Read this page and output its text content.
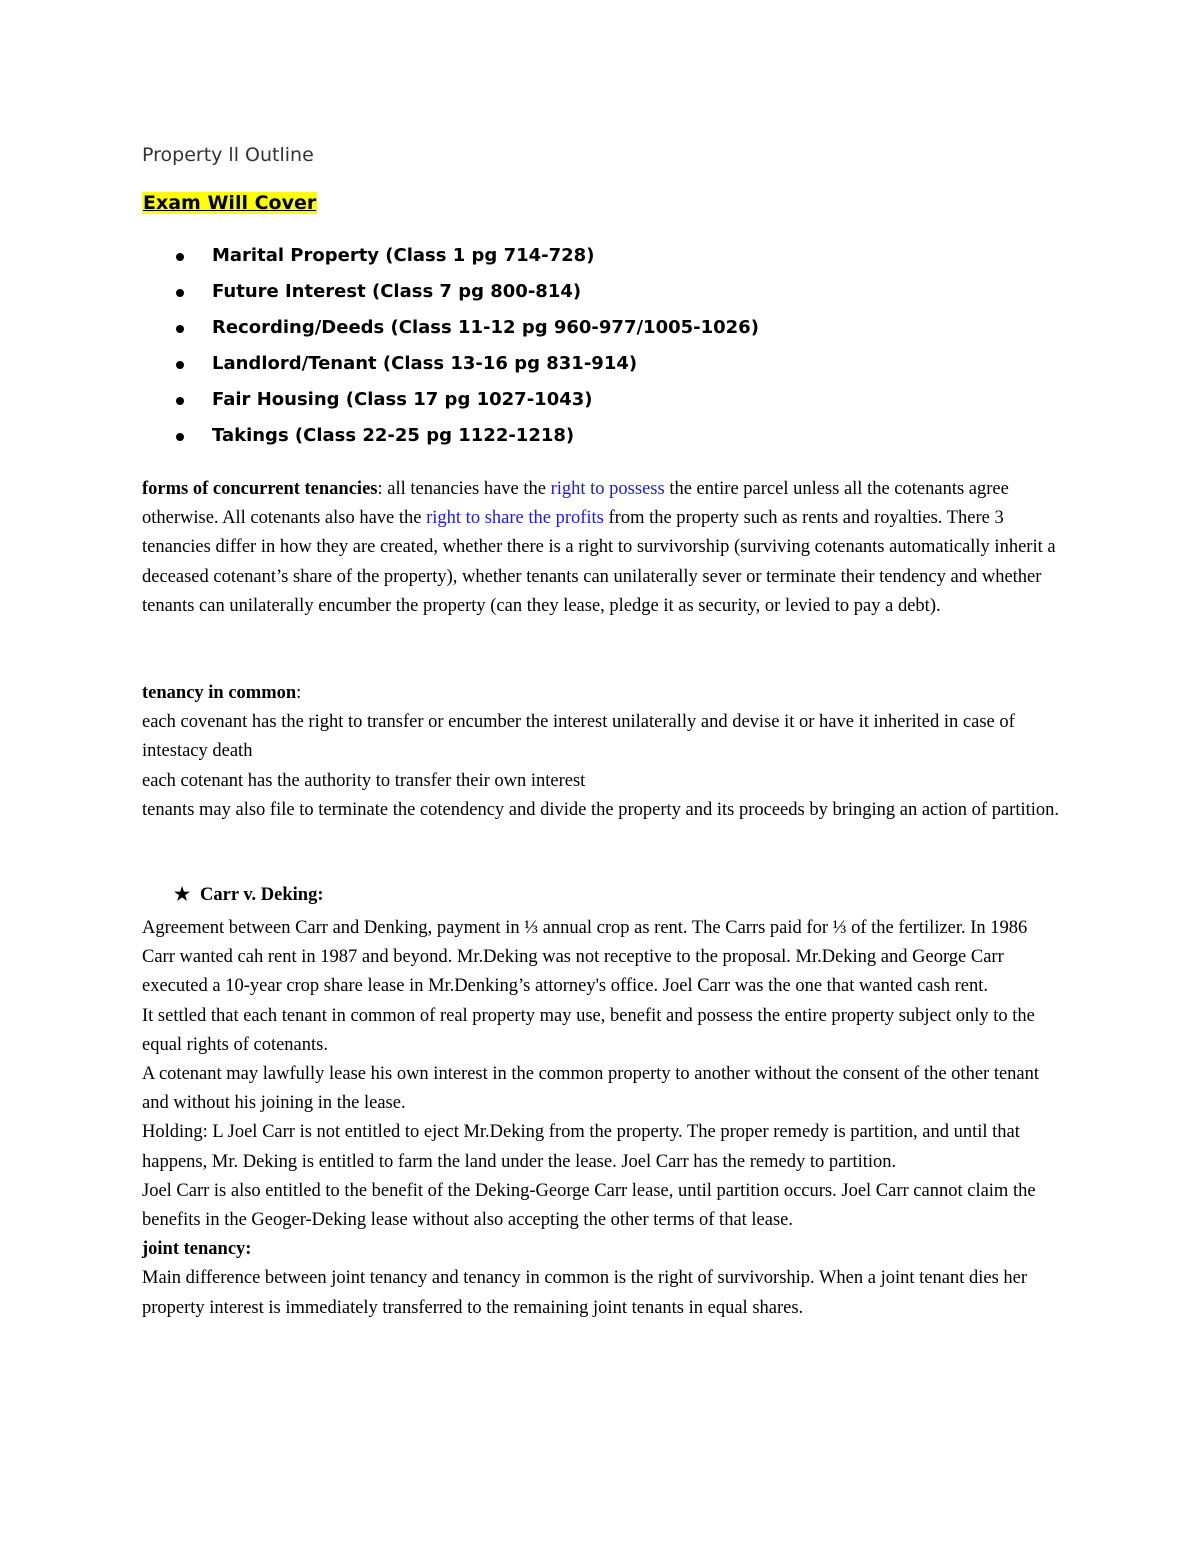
Property ll Outline
Exam Will Cover
Marital Property (Class 1 pg 714-728)
Future Interest (Class 7 pg 800-814)
Recording/Deeds (Class 11-12 pg 960-977/1005-1026)
Landlord/Tenant (Class 13-16 pg 831-914)
Fair Housing (Class 17 pg 1027-1043)
Takings (Class 22-25 pg 1122-1218)

forms of concurrent tenancies: all tenancies have the right to possess the entire parcel unless all the cotenants agree otherwise. All cotenants also have the right to share the profits from the property such as rents and royalties. There 3 tenancies differ in how they are created, whether there is a right to survivorship (surviving cotenants automatically inherit a deceased cotenant’s share of the property), whether tenants can unilaterally sever or terminate their tendency and whether tenants can unilaterally encumber the property (can they lease, pledge it as security, or levied to pay a debt).

tenancy in common:
each covenant has the right to transfer or encumber the interest unilaterally and devise it or have it inherited in case of intestacy death
each cotenant has the authority to transfer their own interest
tenants may also file to terminate the cotendency and divide the property and its proceeds by bringing an action of partition.

★ Carr v. Deking:
Agreement between Carr and Denking, payment in ⅓ annual crop as rent. The Carrs paid for ⅓ of the fertilizer. In 1986 Carr wanted cah rent in 1987 and beyond. Mr.Deking was not receptive to the proposal. Mr.Deking and George Carr executed a 10-year crop share lease in Mr.Denking’s attorney's office. Joel Carr was the one that wanted cash rent.
It settled that each tenant in common of real property may use, benefit and possess the entire property subject only to the equal rights of cotenants.
A cotenant may lawfully lease his own interest in the common property to another without the consent of the other tenant and without his joining in the lease.
Holding: L Joel Carr is not entitled to eject Mr.Deking from the property. The proper remedy is partition, and until that happens, Mr. Deking is entitled to farm the land under the lease. Joel Carr has the remedy to partition.
Joel Carr is also entitled to the benefit of the Deking-George Carr lease, until partition occurs. Joel Carr cannot claim the benefits in the Geoger-Deking lease without also accepting the other terms of that lease.
joint tenancy:
Main difference between joint tenancy and tenancy in common is the right of survivorship. When a joint tenant dies her property interest is immediately transferred to the remaining joint tenants in equal shares.
